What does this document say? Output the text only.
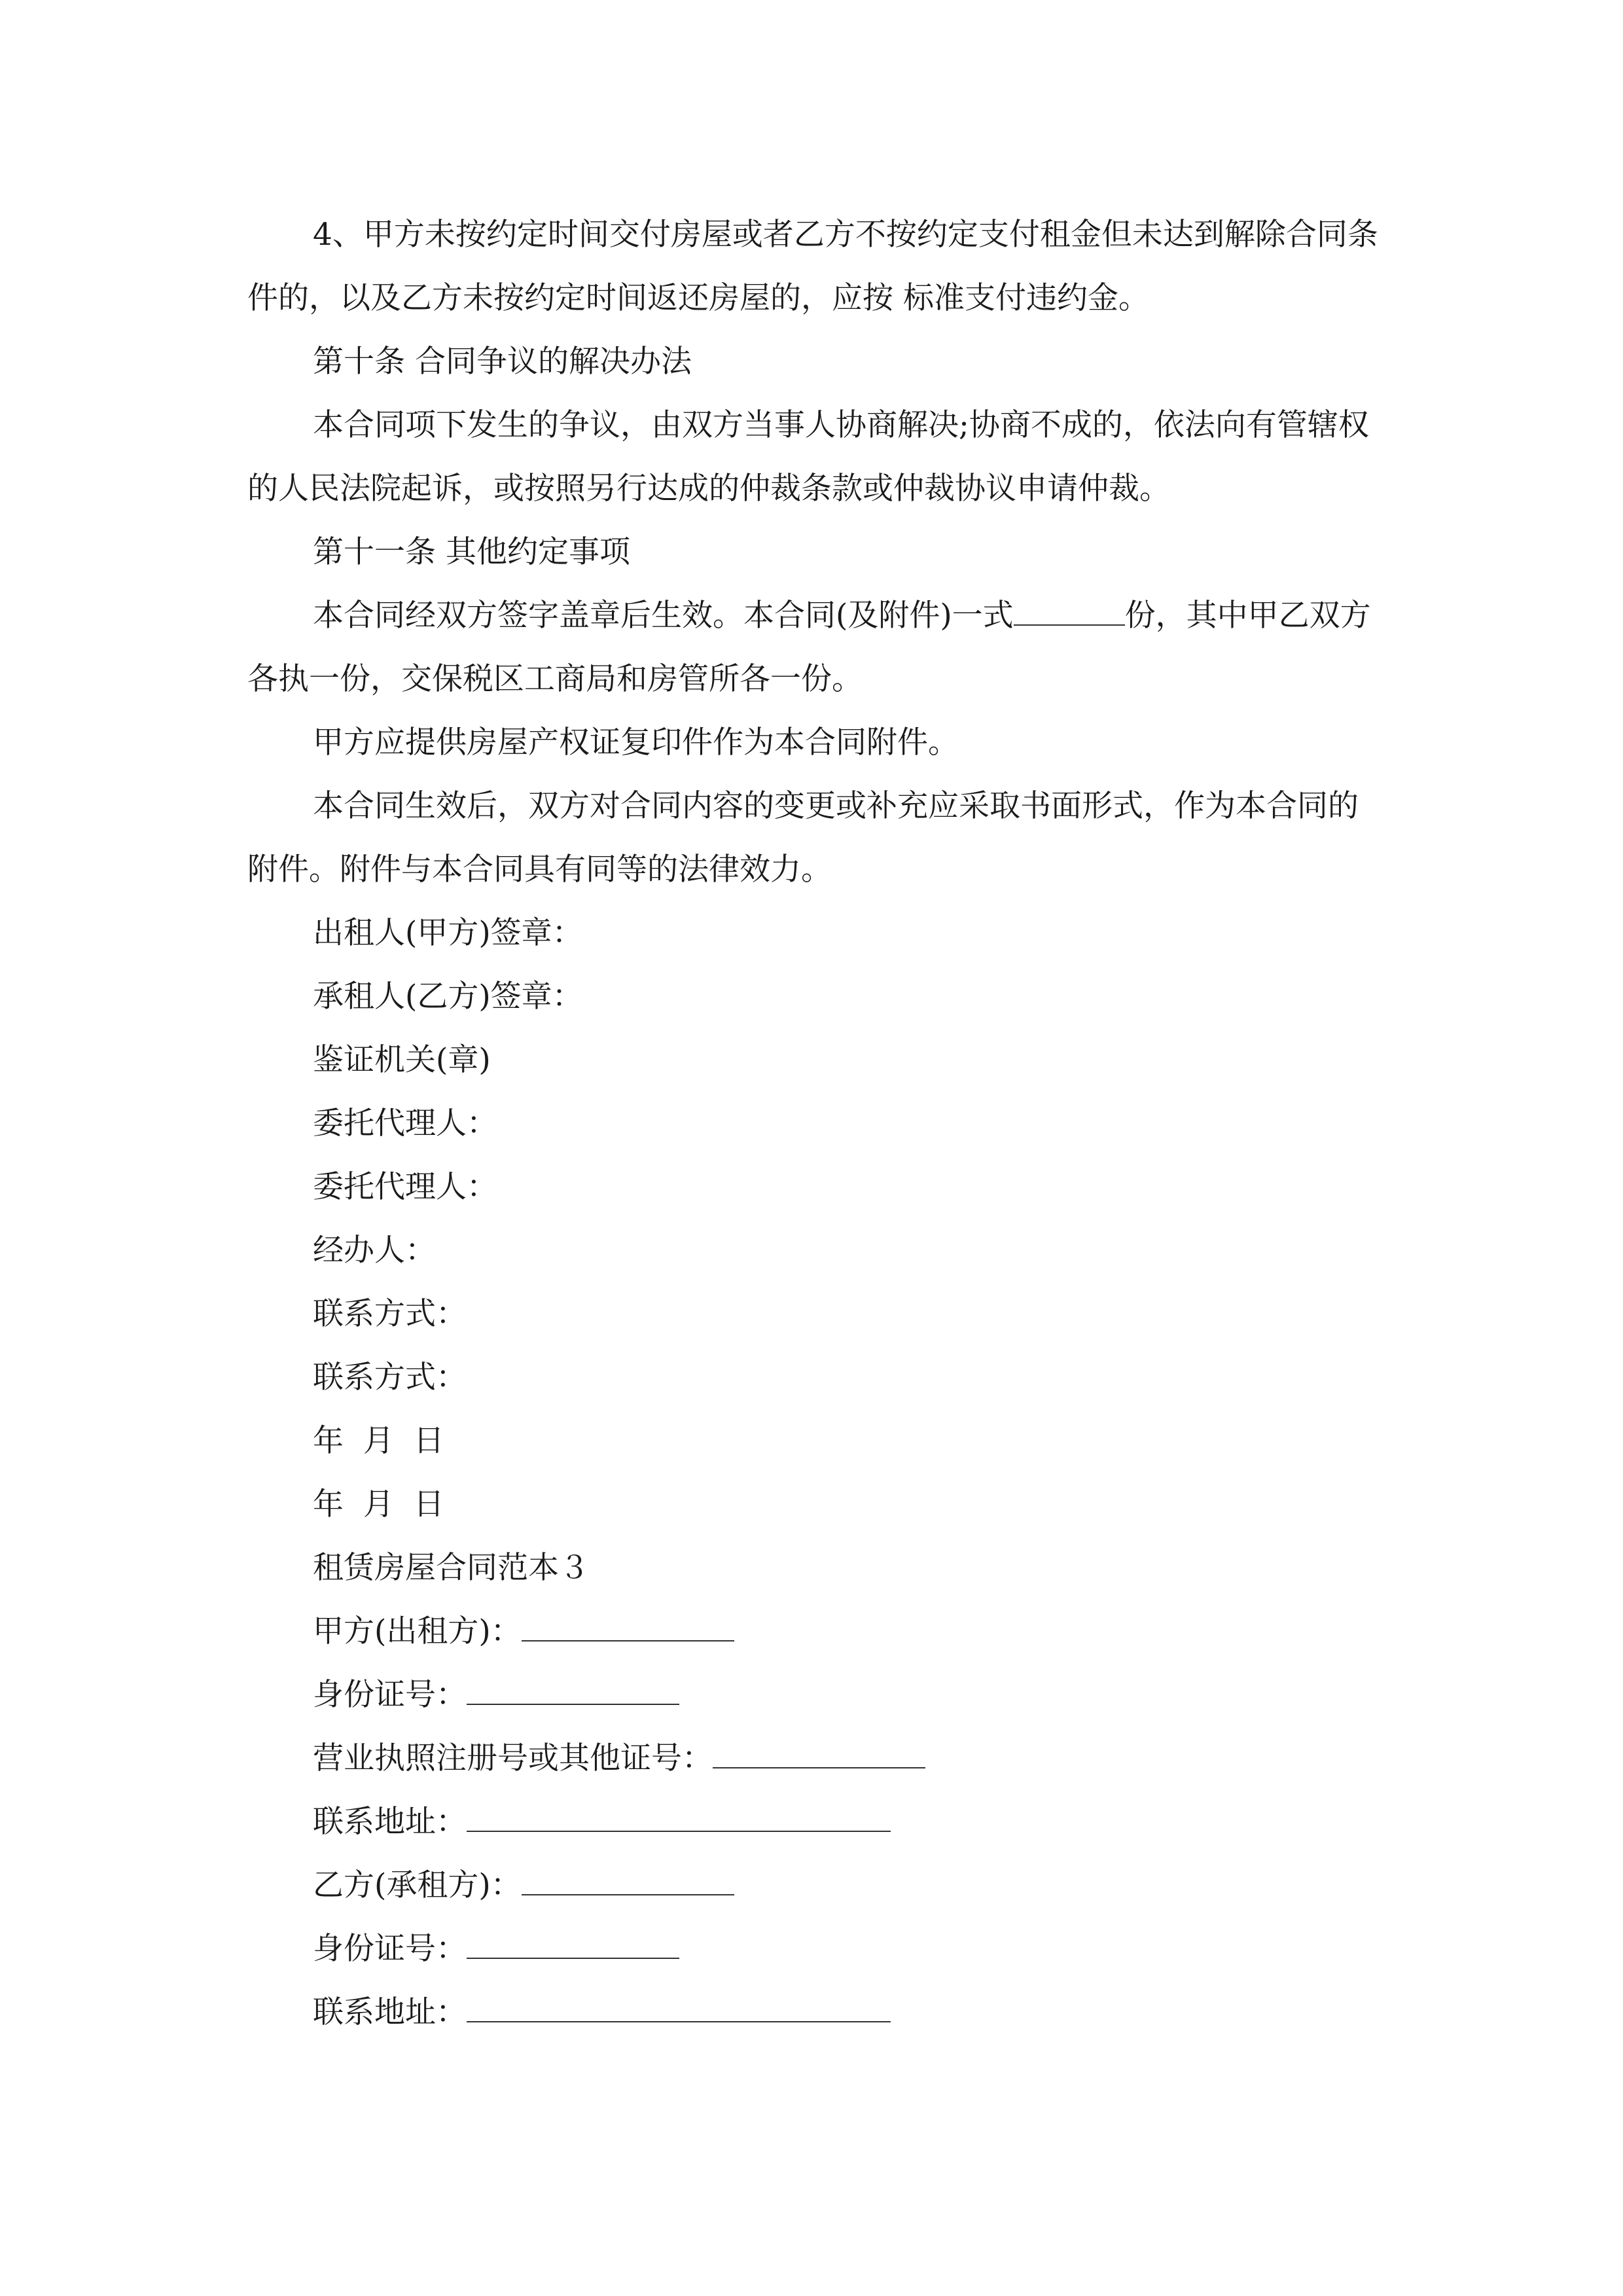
4、甲方未按约定时间交付房屋或者乙方不按约定支付租金但未达到解除合同条件的，以及乙方未按约定时间返还房屋的，应按 标准支付违约金。

第十条 合同争议的解决办法

本合同项下发生的争议，由双方当事人协商解决;协商不成的，依法向有管辖权的人民法院起诉，或按照另行达成的仲裁条款或仲裁协议申请仲裁。

第十一条 其他约定事项

本合同经双方签字盖章后生效。本合同(及附件)一式	份，其中甲乙双方各执一份，交保税区工商局和房管所各一份。

甲方应提供房屋产权证复印件作为本合同附件。

本合同生效后，双方对合同内容的变更或补充应采取书面形式，作为本合同的附件。附件与本合同具有同等的法律效力。

出租人(甲方)签章：

承租人(乙方)签章：

鉴证机关(章)

委托代理人：

委托代理人：

经办人：

联系方式：

联系方式：

年  月  日

年  月  日

租赁房屋合同范本３

甲方(出租方)：

身份证号：

营业执照注册号或其他证号：

联系地址：

乙方(承租方)：

身份证号：

联系地址：
